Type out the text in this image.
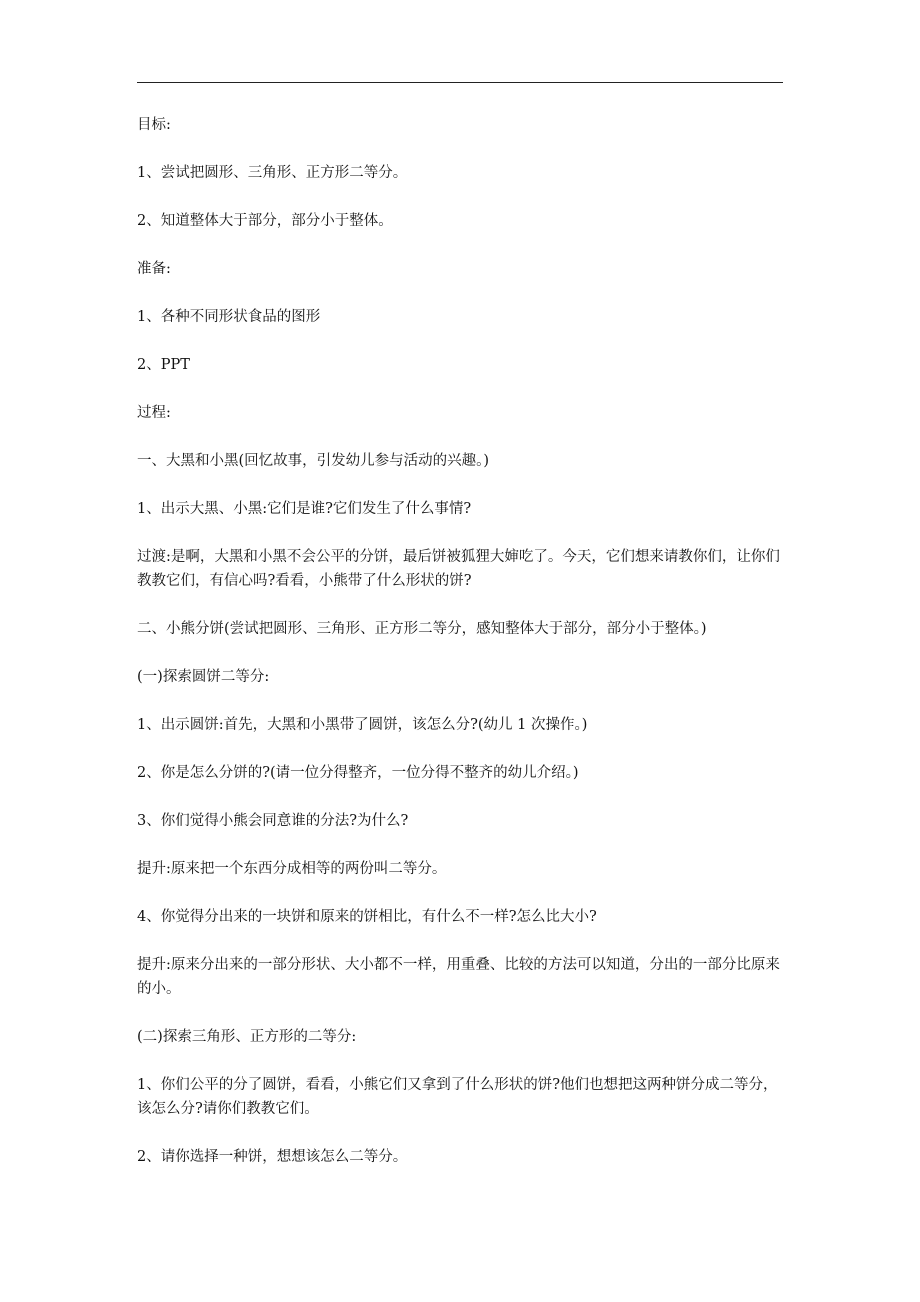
目标:

1、尝试把圆形、三角形、正方形二等分。

2、知道整体大于部分，部分小于整体。

准备:

1、各种不同形状食品的图形

2、PPT

过程:

一、大黑和小黑(回忆故事，引发幼儿参与活动的兴趣。)

1、出示大黑、小黑:它们是谁?它们发生了什么事情?

过渡:是啊，大黑和小黑不会公平的分饼，最后饼被狐狸大婶吃了。今天，它们想来请教你们，让你们教教它们，有信心吗?看看，小熊带了什么形状的饼?

二、小熊分饼(尝试把圆形、三角形、正方形二等分，感知整体大于部分，部分小于整体。)

(一)探索圆饼二等分:

1、出示圆饼:首先，大黑和小黑带了圆饼，该怎么分?(幼儿 1 次操作。)

2、你是怎么分饼的?(请一位分得整齐，一位分得不整齐的幼儿介绍。)

3、你们觉得小熊会同意谁的分法?为什么?

提升:原来把一个东西分成相等的两份叫二等分。

4、你觉得分出来的一块饼和原来的饼相比，有什么不一样?怎么比大小?

提升:原来分出来的一部分形状、大小都不一样，用重叠、比较的方法可以知道，分出的一部分比原来的小。

(二)探索三角形、正方形的二等分:

1、你们公平的分了圆饼，看看，小熊它们又拿到了什么形状的饼?他们也想把这两种饼分成二等分，该怎么分?请你们教教它们。

2、请你选择一种饼，想想该怎么二等分。
